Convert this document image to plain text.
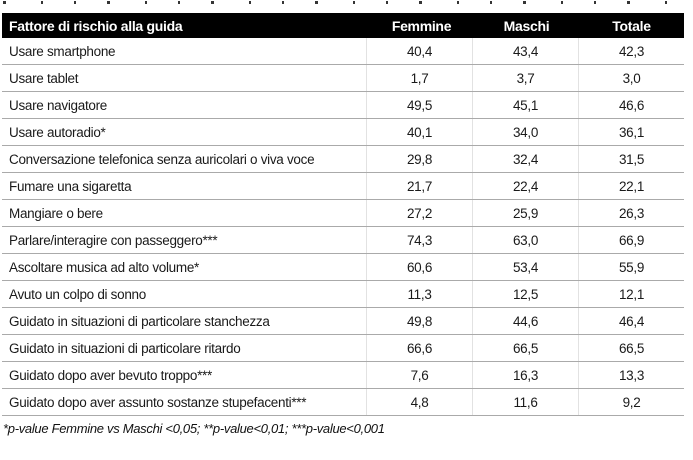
Fattore di rischio alla guida	Femmine	Maschi	Totale
Usare smartphone	40,4	43,4	42,3
Usare tablet	1,7	3,7	3,0
Usare navigatore	49,5	45,1	46,6
Usare autoradio*	40,1	34,0	36,1
Conversazione telefonica senza auricolari o viva voce	29,8	32,4	31,5
Fumare una sigaretta	21,7	22,4	22,1
Mangiare o bere	27,2	25,9	26,3
Parlare/interagire con passeggero***	74,3	63,0	66,9
Ascoltare musica ad alto volume*	60,6	53,4	55,9
Avuto un colpo di sonno	11,3	12,5	12,1
Guidato in situazioni di particolare stanchezza	49,8	44,6	46,4
Guidato in situazioni di particolare ritardo	66,6	66,5	66,5
Guidato dopo aver bevuto troppo***	7,6	16,3	13,3
Guidato dopo aver assunto sostanze stupefacenti***	4,8	11,6	9,2
*p-value Femmine vs Maschi <0,05; **p-value<0,01; ***p-value<0,001
